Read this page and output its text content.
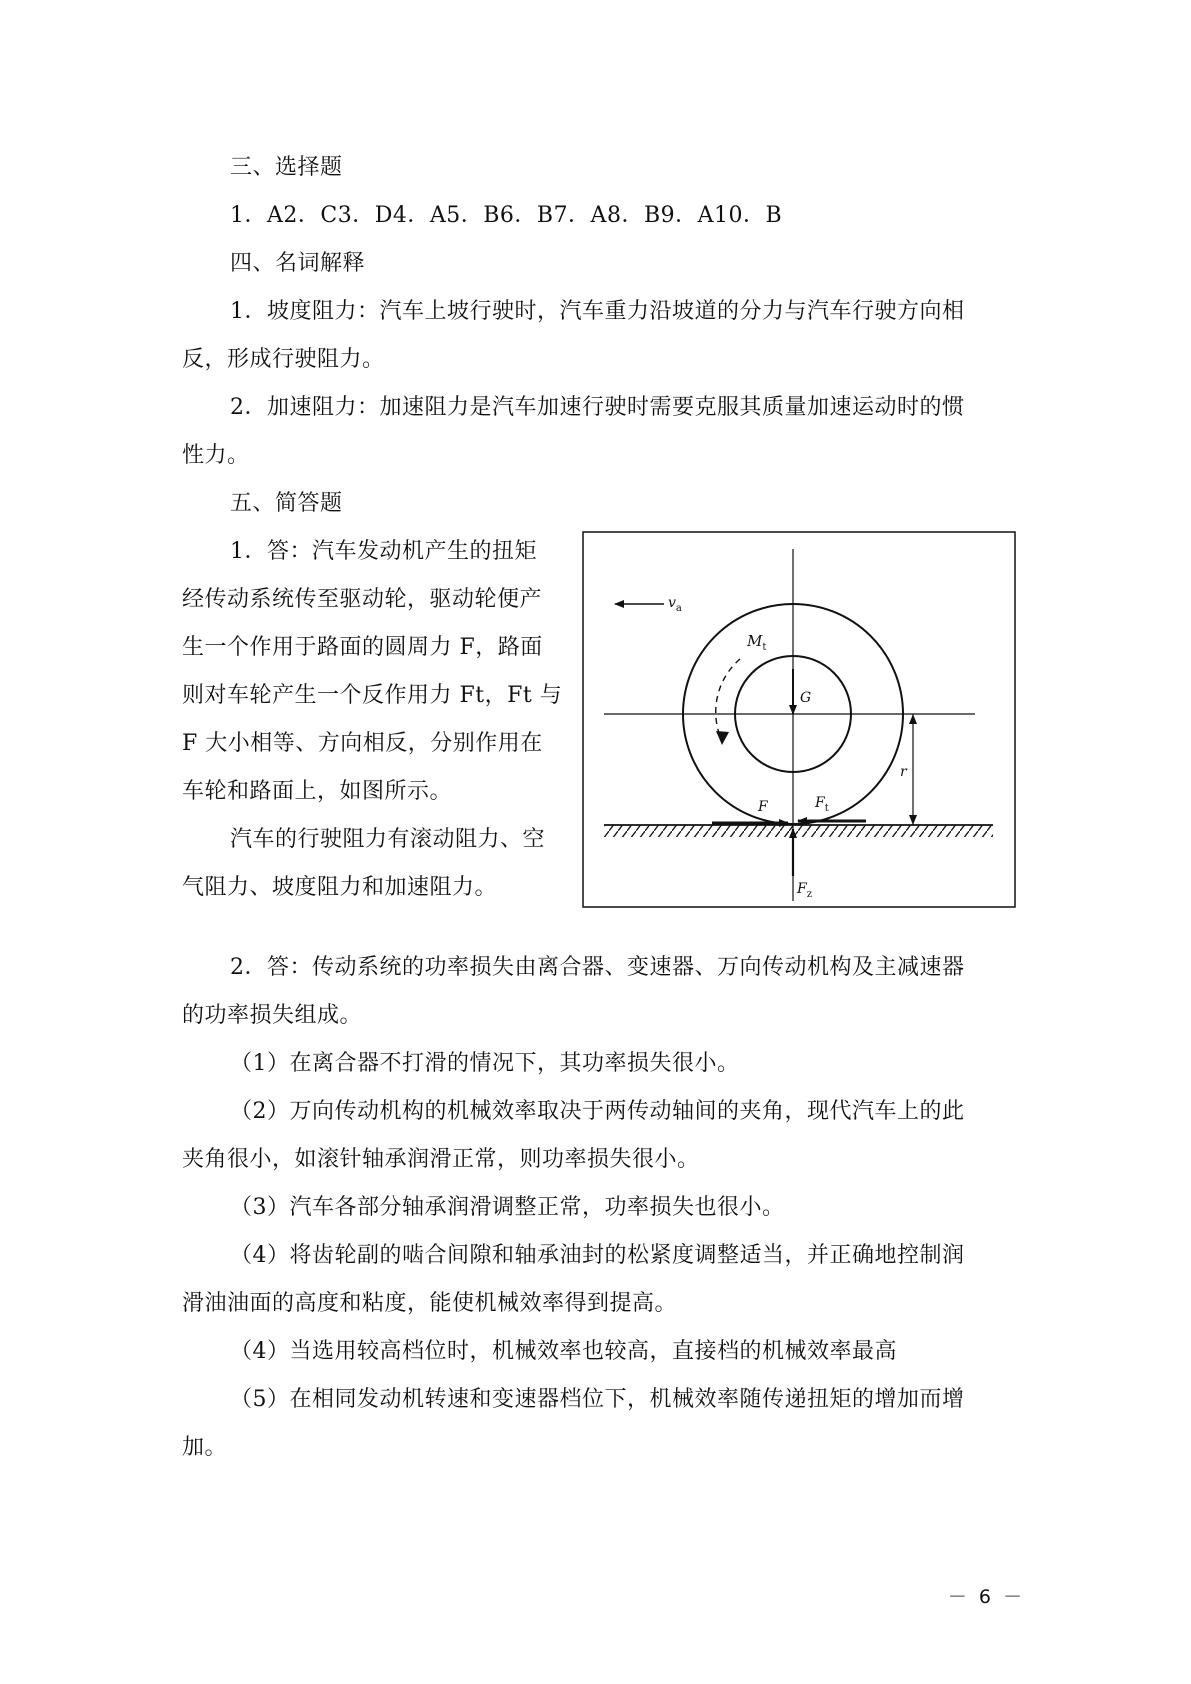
三、选择题
1．A2．C3．D4．A5．B6．B7．A8．B9．A10．B
四、名词解释
1．坡度阻力：汽车上坡行驶时，汽车重力沿坡道的分力与汽车行驶方向相
反，形成行驶阻力。
2．加速阻力：加速阻力是汽车加速行驶时需要克服其质量加速运动时的惯
性力。
五、简答题
1．答：汽车发动机产生的扭矩
经传动系统传至驱动轮，驱动轮便产
生一个作用于路面的圆周力 F，路面
则对车轮产生一个反作用力 Ft，Ft 与
F 大小相等、方向相反，分别作用在
车轮和路面上，如图所示。
汽车的行驶阻力有滚动阻力、空
气阻力、坡度阻力和加速阻力。
$v_a$
$M_t$
G
r
F	$F_t$
$F_z$
2．答：传动系统的功率损失由离合器、变速器、万向传动机构及主减速器
的功率损失组成。
（1）在离合器不打滑的情况下，其功率损失很小。
（2）万向传动机构的机械效率取决于两传动轴间的夹角，现代汽车上的此
夹角很小，如滚针轴承润滑正常，则功率损失很小。
（3）汽车各部分轴承润滑调整正常，功率损失也很小。
（4）将齿轮副的啮合间隙和轴承油封的松紧度调整适当，并正确地控制润
滑油油面的高度和粘度，能使机械效率得到提高。
（4）当选用较高档位时，机械效率也较高，直接档的机械效率最高
（5）在相同发动机转速和变速器档位下，机械效率随传递扭矩的增加而增
加。
－ 6 －
